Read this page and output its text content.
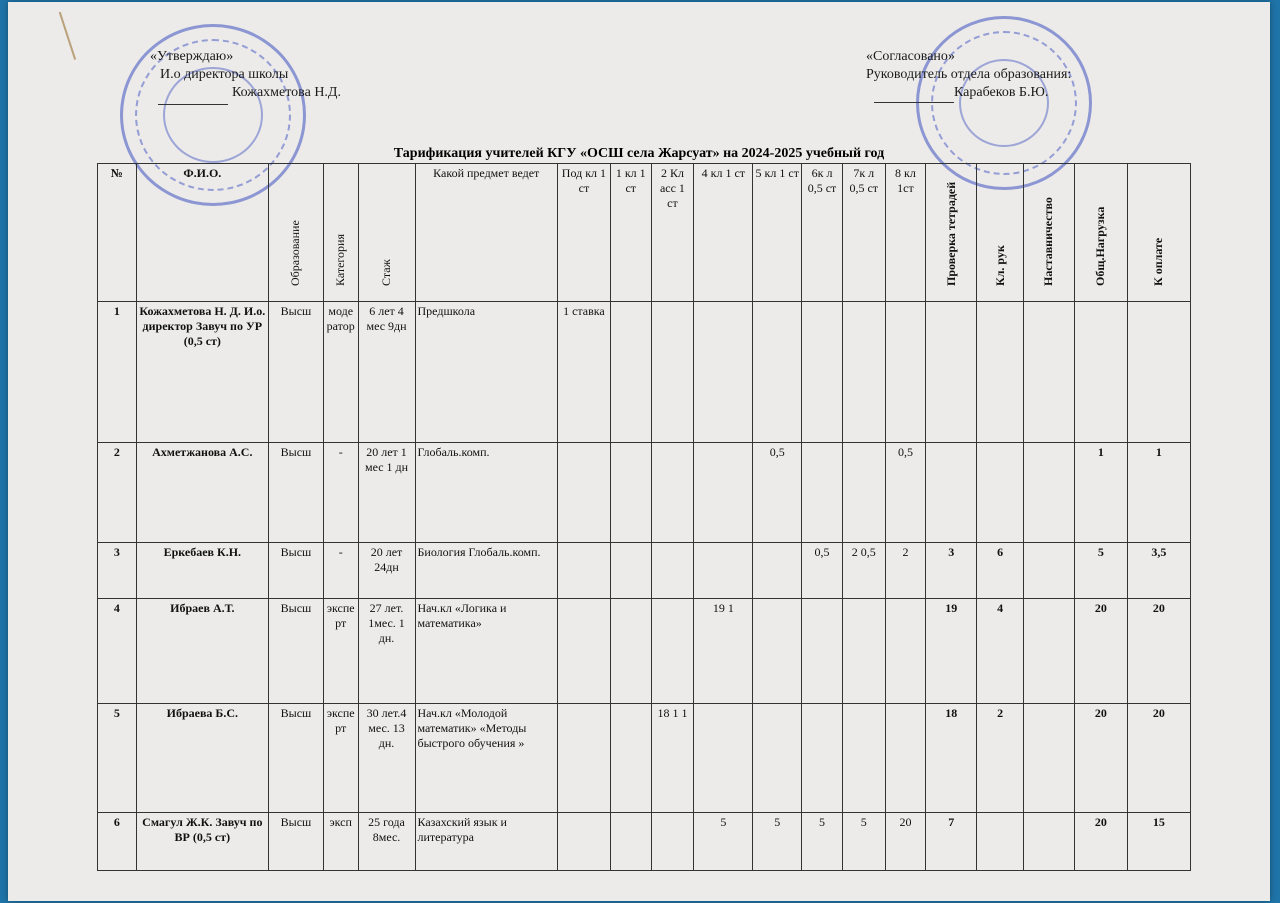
«Утверждаю»
И.о директора школы
Кожахметова Н.Д.
«Согласовано»
Руководитель отдела образования:
Карабеков Б.Ю.
Тарификация учителей КГУ «ОСШ села Жарсуат» на 2024-2025 учебный год
№	Ф.И.О.	Образование	Категория	Стаж	Какой предмет ведет	Под кл 1 ст	1 кл 1 ст	2 Кл асс 1 ст	4 кл 1 ст	5 кл 1 ст	6к л 0,5 ст	7к л 0,5 ст	8 кл 1ст	Проверка тетрадей	Кл. рук	Наставничество	Общ.Нагрузка	К оплате
1	Кожахметова Н. Д. И.о. директор Завуч по УР (0,5 ст)	Высш	модератор	6 лет 4 мес 9дн	Предшкола	1 ставка												
2	Ахметжанова А.С.	Высш	-	20 лет 1 мес 1 дн	Глобаль.комп.					0,5			0,5				1	1
3	Еркебаев К.Н.	Высш	-	20 лет 24дн	Биология Глобаль.комп.						0,5	2 0,5	2	3	6		5	3,5
4	Ибраев А.Т.	Высш	эксперт	27 лет. 1мес. 1 дн.	Нач.кл «Логика и математика»				19 1					19	4		20	20
5	Ибраева Б.С.	Высш	эксперт	30 лет.4 мес. 13 дн.	Нач.кл «Молодой математик» «Методы быстрого обучения »			18 1 1						18	2		20	20
6	Смагул Ж.К. Завуч по ВР (0,5 ст)	Высш	эксп	25 года 8мес.	Казахский язык и литература				5	5	5	5	20	7			20	15
